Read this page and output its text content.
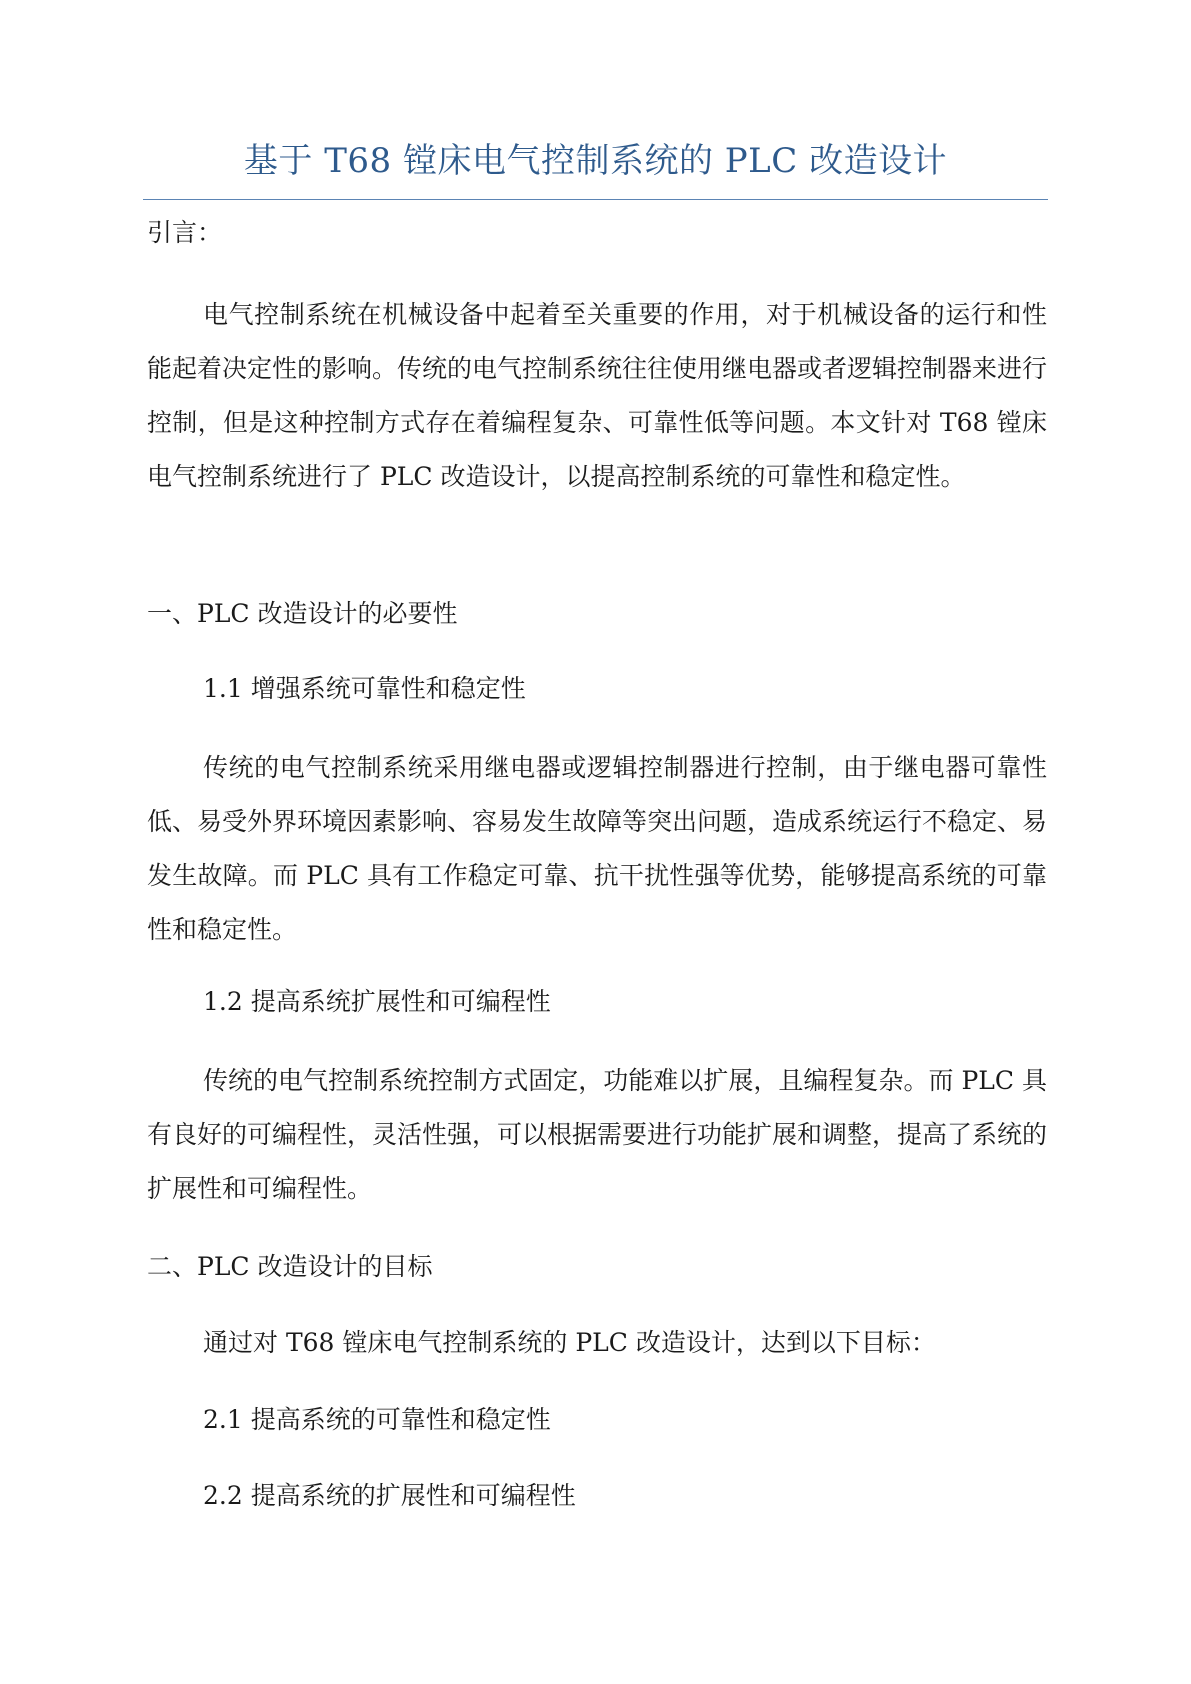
基于 T68 镗床电气控制系统的 PLC 改造设计
引言：
电气控制系统在机械设备中起着至关重要的作用，对于机械设备的运行和性能起着决定性的影响。传统的电气控制系统往往使用继电器或者逻辑控制器来进行控制，但是这种控制方式存在着编程复杂、可靠性低等问题。本文针对 T68 镗床电气控制系统进行了 PLC 改造设计，以提高控制系统的可靠性和稳定性。
一、PLC 改造设计的必要性
1.1 增强系统可靠性和稳定性
传统的电气控制系统采用继电器或逻辑控制器进行控制，由于继电器可靠性低、易受外界环境因素影响、容易发生故障等突出问题，造成系统运行不稳定、易发生故障。而 PLC 具有工作稳定可靠、抗干扰性强等优势，能够提高系统的可靠性和稳定性。
1.2 提高系统扩展性和可编程性
传统的电气控制系统控制方式固定，功能难以扩展，且编程复杂。而 PLC 具有良好的可编程性，灵活性强，可以根据需要进行功能扩展和调整，提高了系统的扩展性和可编程性。
二、PLC 改造设计的目标
通过对 T68 镗床电气控制系统的 PLC 改造设计，达到以下目标：
2.1 提高系统的可靠性和稳定性
2.2 提高系统的扩展性和可编程性
